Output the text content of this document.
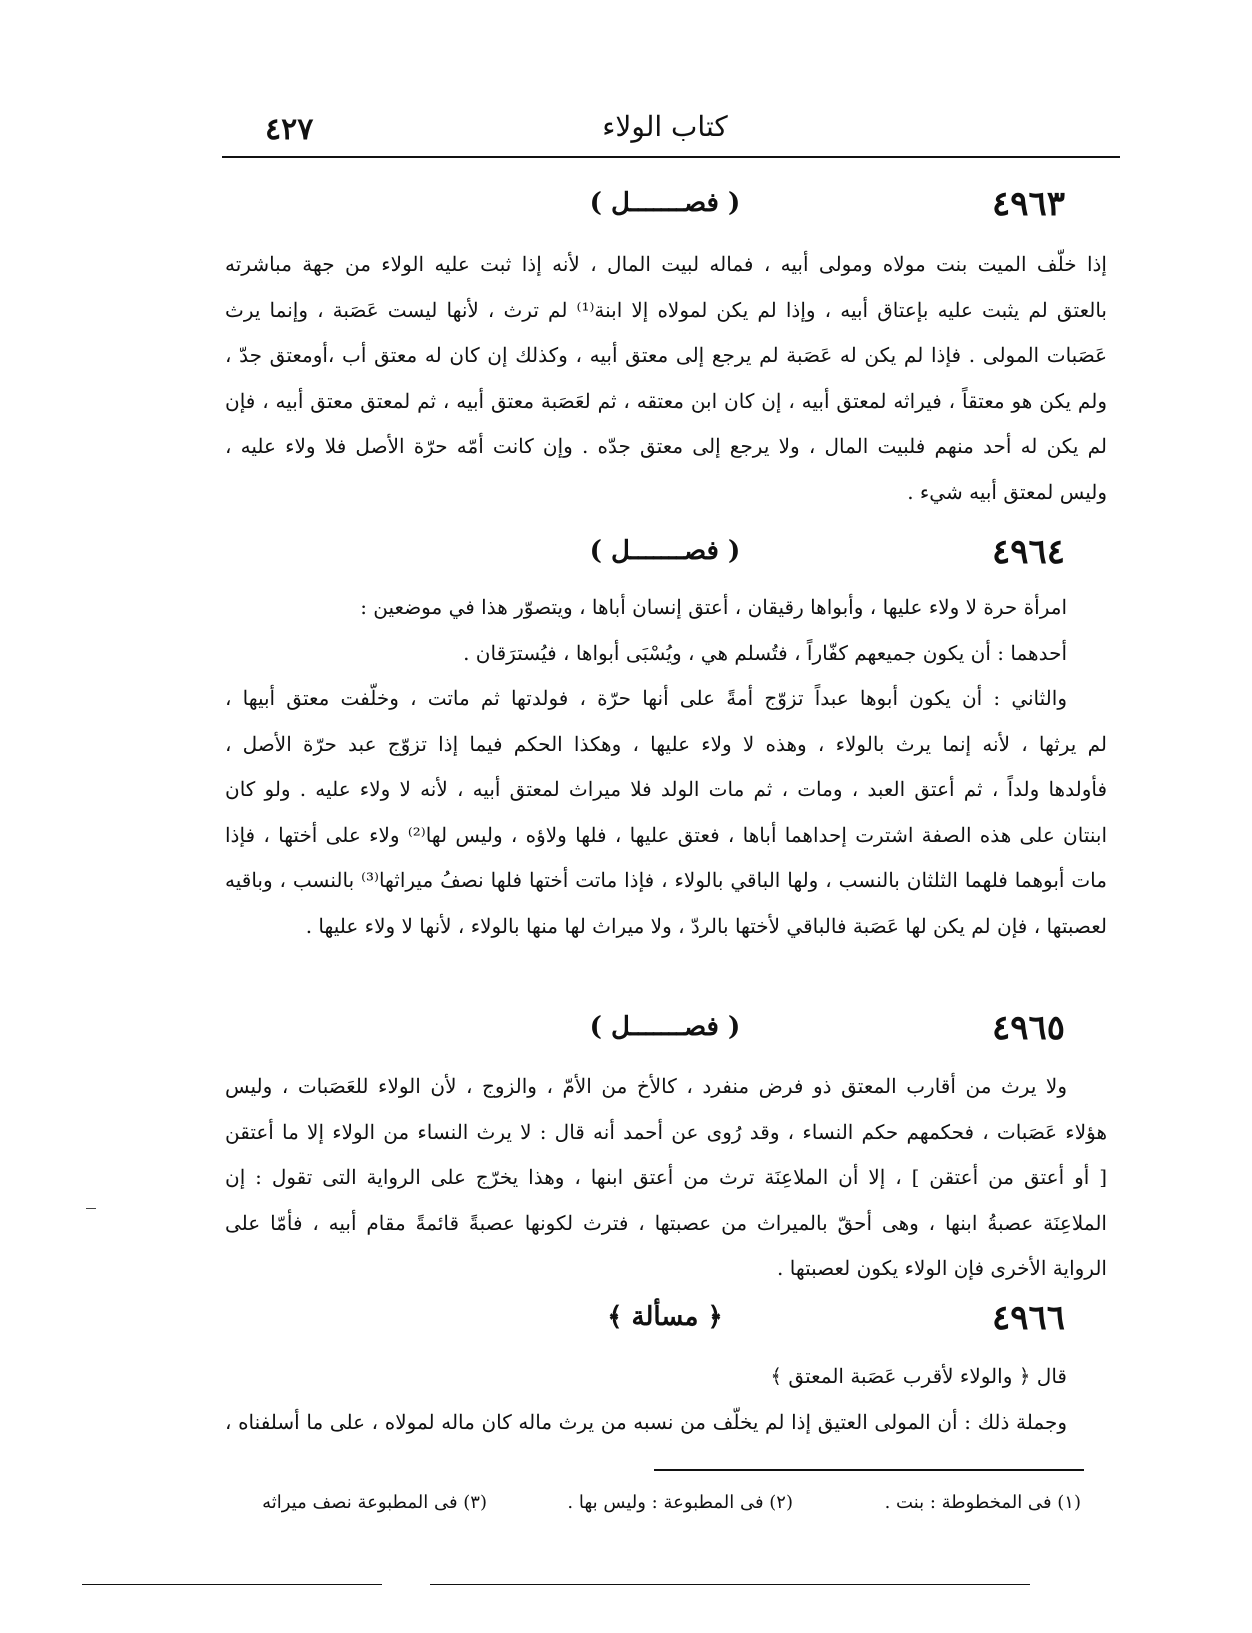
كتاب الولاء
٤٢٧
٤٩٦٣
( فصـــــــل )
إذا خلّف الميت بنت مولاه ومولى أبيه ، فماله لبيت المال ، لأنه إذا ثبت عليه الولاء من جهة مباشرته
بالعتق لم يثبت عليه بإعتاق أبيه ، وإذا لم يكن لمولاه إلا ابنة⁽¹⁾ لم ترث ، لأنها ليست عَصَبة ، وإنما يرث
عَصَبات المولى . فإذا لم يكن له عَصَبة لم يرجع إلى معتق أبيه ، وكذلك إن كان له معتق أب ،أومعتق جدّ ،
ولم يكن هو معتقاً ، فيراثه لمعتق أبيه ، إن كان ابن معتقه ، ثم لعَصَبة معتق أبيه ، ثم لمعتق معتق أبيه ، فإن
لم يكن له أحد منهم فلبيت المال ، ولا يرجع إلى معتق جدّه . وإن كانت أمّه حرّة الأصل فلا ولاء عليه ،
وليس لمعتق أبيه شيء .
٤٩٦٤
( فصـــــــل )
امرأة حرة لا ولاء عليها ، وأبواها رقيقان ، أعتق إنسان أباها ، ويتصوّر هذا في موضعين :
أحدهما : أن يكون جميعهم كفّاراً ، فتُسلم هي ، ويُسْبَى أبواها ، فيُسترَقان .
والثاني : أن يكون أبوها عبداً تزوّج أمةً على أنها حرّة ، فولدتها ثم ماتت ، وخلّفت معتق أبيها ،
لم يرثها ، لأنه إنما يرث بالولاء ، وهذه لا ولاء عليها ، وهكذا الحكم فيما إذا تزوّج عبد حرّة الأصل ،
فأولدها ولداً ، ثم أعتق العبد ، ومات ، ثم مات الولد فلا ميراث لمعتق أبيه ، لأنه لا ولاء عليه . ولو كان
ابنتان على هذه الصفة اشترت إحداهما أباها ، فعتق عليها ، فلها ولاؤه ، وليس لها⁽²⁾ ولاء على أختها ، فإذا
مات أبوهما فلهما الثلثان بالنسب ، ولها الباقي بالولاء ، فإذا ماتت أختها فلها نصفُ ميراثها⁽³⁾ بالنسب ، وباقيه
لعصبتها ، فإن لم يكن لها عَصَبة فالباقي لأختها بالردّ ، ولا ميراث لها منها بالولاء ، لأنها لا ولاء عليها .
٤٩٦٥
( فصـــــــل )
ولا يرث من أقارب المعتق ذو فرض منفرد ، كالأخ من الأمّ ، والزوج ، لأن الولاء للعَصَبات ، وليس
هؤلاء عَصَبات ، فحكمهم حكم النساء ، وقد رُوى عن أحمد أنه قال : لا يرث النساء من الولاء إلا ما أعتقن
[ أو أعتق من أعتقن ] ، إلا أن الملاعِنَة ترث من أعتق ابنها ، وهذا يخرّج على الرواية التى تقول : إن
الملاعِنَة عصبةُ ابنها ، وهى أحقّ بالميراث من عصبتها ، فترث لكونها عصبةً قائمةً مقام أبيه ، فأمّا على
الرواية الأخرى فإن الولاء يكون لعصبتها .
٤٩٦٦
﴿ مسألة ﴾
قال ﴿ والولاء لأقرب عَصَبة المعتق ﴾
وجملة ذلك : أن المولى العتيق إذا لم يخلّف من نسبه من يرث ماله كان ماله لمولاه ، على ما أسلفناه ،
(١) فى المخطوطة : بنت .
(٢) فى المطبوعة : وليس بها .
(٣) فى المطبوعة نصف ميراثه
